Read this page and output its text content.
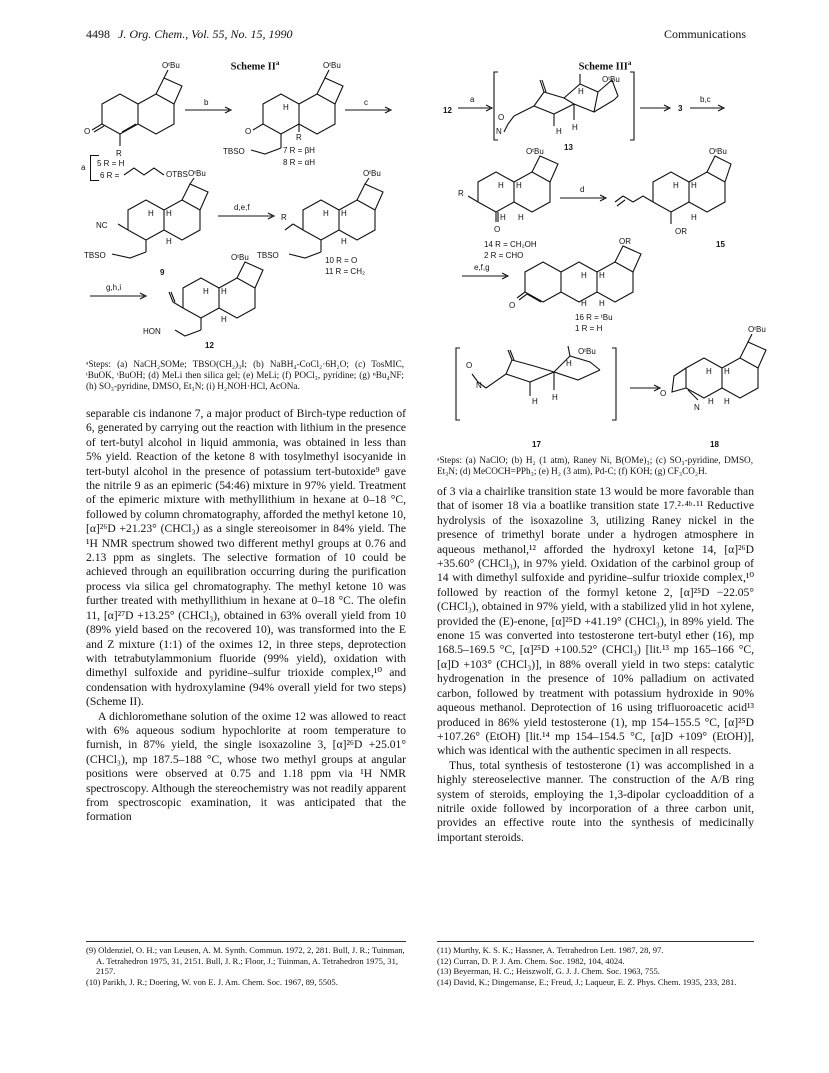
4498 J. Org. Chem., Vol. 55, No. 15, 1990	Communications
Scheme $II^a$
OᵗBu
O
R
5 R = H
a
6 R =	OTBS
b
OᵗBu
O
H
R
TBSO	7 R = βH
8 R = αH
c
OᵗBu
NC
H H
H
TBSO
9
d,e,f
OᵗBu
R	H H
H
TBSO
10 R = O
11 R = CH₂
g,h,i
OᵗBu
H H
H
HON
12
ᵃSteps: (a) NaCH₂SOMe; TBSO(CH₂)₃I; (b) NaBH₄-CoCl₂·6H₂O; (c) TosMIC, ᵗBuOK, ᵗBuOH; (d) MeLi then silica gel; (e) MeLi; (f) POCl₃, pyridine; (g) ⁿBu₄NF; (h) SO₃-pyridine, DMSO, Et₃N; (i) H₂NOH·HCl, AcONa.
Scheme III$^a$
12
a
OᵗBu
H
H H
N
O
13
3
b,c
OᵗBu
R
H H
H H
O
14 R = CH₂OH
2 R = CHO
d
OᵗBu
H H
H
OR
15
e,f,g
OR
H H
H
H
O
16 R = ᵗBu
1 R = H
OᵗBu
O
N
H
H H
17
OᵗBu
O
N
H H
H H
18
ᵃSteps: (a) NaClO; (b) H₂ (1 atm), Raney Ni, B(OMe)₃; (c) SO₃-pyridine, DMSO, Et₃N; (d) MeCOCH=PPh₃; (e) H₂ (3 atm), Pd-C; (f) KOH; (g) CF₃CO₂H.

separable cis indanone 7, a major product of Birch-type reduction of 6, generated by carrying out the reaction with lithium in the presence of tert-butyl alcohol in liquid ammonia, was obtained in less than 5% yield. Reaction of the ketone 8 with tosylmethyl isocyanide in tert-butyl alcohol in the presence of potassium tert-butoxide⁹ gave the nitrile 9 as an epimeric (54:46) mixture in 97% yield. Treatment of the epimeric mixture with methyllithium in hexane at 0–18 °C, followed by column chromatography, afforded the methyl ketone 10, [α]²⁶D +21.23° (CHCl₃) as a single stereoisomer in 84% yield. The ¹H NMR spectrum showed two different methyl groups at 0.76 and 2.13 ppm as singlets. The selective formation of 10 could be achieved through an equilibration occurring during the purification process via silica gel chromatography. The methyl ketone 10 was further treated with methyllithium in hexane at 0–18 °C. The olefin 11, [α]²⁷D +13.25° (CHCl₃), obtained in 63% overall yield from 10 (89% yield based on the recovered 10), was transformed into the E and Z mixture (1:1) of the oximes 12, in three steps, deprotection with tetrabutylammonium fluoride (99% yield), oxidation with dimethyl sulfoxide and pyridine–sulfur trioxide complex,¹⁰ and condensation with hydroxylamine (94% overall yield for two steps) (Scheme II).

A dichloromethane solution of the oxime 12 was allowed to react with 6% aqueous sodium hypochlorite at room temperature to furnish, in 87% yield, the single isoxazoline 3, [α]²⁶D +25.01° (CHCl₃), mp 187.5–188 °C, whose two methyl groups at angular positions were observed at 0.75 and 1.18 ppm via ¹H NMR spectroscopy. Although the stereochemistry was not readily apparent from spectroscopic examination, it was anticipated that the formation

of 3 via a chairlike transition state 13 would be more favorable than that of isomer 18 via a boatlike transition state 17.²·⁴ᵇ·¹¹ Reductive hydrolysis of the isoxazoline 3, utilizing Raney nickel in the presence of trimethyl borate under a hydrogen atmosphere in aqueous methanol,¹² afforded the hydroxyl ketone 14, [α]²⁶D +35.60° (CHCl₃), in 97% yield. Oxidation of the carbinol group of 14 with dimethyl sulfoxide and pyridine–sulfur trioxide complex,¹⁰ followed by reaction of the formyl ketone 2, [α]²⁵D −22.05° (CHCl₃), obtained in 97% yield, with a stabilized ylid in hot xylene, provided the (E)-enone, [α]²⁵D +41.19° (CHCl₃), in 89% yield. The enone 15 was converted into testosterone tert-butyl ether (16), mp 168.5–169.5 °C, [α]²⁵D +100.52° (CHCl₃) [lit.¹³ mp 165–166 °C, [α]D +103° (CHCl₃)], in 88% overall yield in two steps: catalytic hydrogenation in the presence of 10% palladium on activated carbon, followed by treatment with potassium hydroxide in 90% aqueous methanol. Deprotection of 16 using trifluoroacetic acid¹³ produced in 86% yield testosterone (1), mp 154–155.5 °C, [α]²⁵D +107.26° (EtOH) [lit.¹⁴ mp 154–154.5 °C, [α]D +109° (EtOH)], which was identical with the authentic specimen in all respects.

Thus, total synthesis of testosterone (1) was accomplished in a highly stereoselective manner. The construction of the A/B ring system of steroids, employing the 1,3-dipolar cycloaddition of a nitrile oxide followed by incorporation of a three carbon unit, provides an effective route into the synthesis of medicinally important steroids.

(9) Oldenziel, O. H.; van Leusen, A. M. Synth. Commun. 1972, 2, 281. Bull, J. R.; Tuinman, A. Tetrahedron 1975, 31, 2151. Bull, J. R.; Floor, J.; Tuinman, A. Tetrahedron 1975, 31, 2157.

(10) Parikh, J. R.; Doering, W. von E. J. Am. Chem. Soc. 1967, 89, 5505.

(11) Murthy, K. S. K.; Hassner, A. Tetrahedron Lett. 1987, 28, 97.

(12) Curran, D. P. J. Am. Chem. Soc. 1982, 104, 4024.

(13) Beyerman, H. C.; Heiszwolf, G. J. J. Chem. Soc. 1963, 755.

(14) David, K.; Dingemanse, E.; Freud, J.; Laqueur, E. Z. Phys. Chem. 1935, 233, 281.
